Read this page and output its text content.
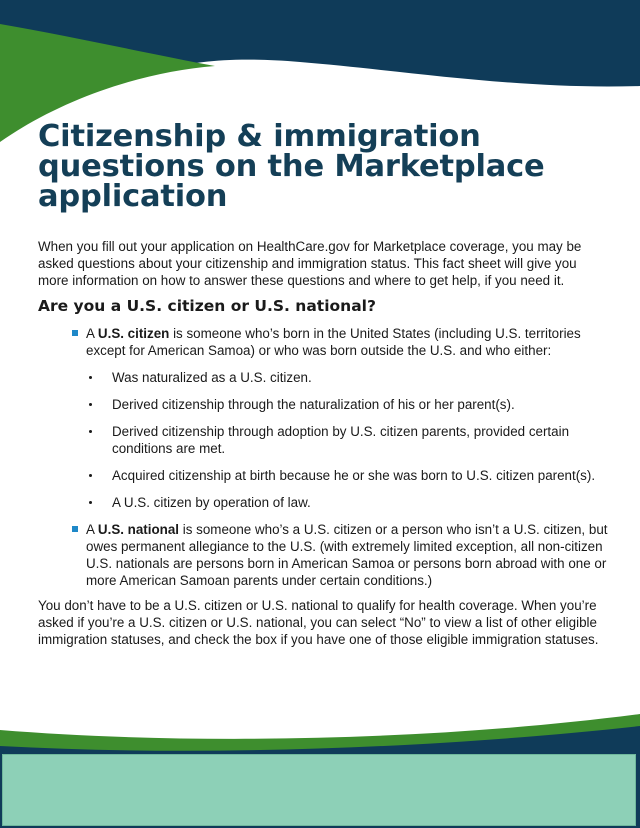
Citizenship & immigration questions on the Marketplace application

When you fill out your application on HealthCare.gov for Marketplace coverage, you may be asked questions about your citizenship and immigration status. This fact sheet will give you more information on how to answer these questions and where to get help, if you need it.

Are you a U.S. citizen or U.S. national?
A U.S. citizen is someone who’s born in the United States (including U.S. territories except for American Samoa) or who was born outside the U.S. and who either:
Was naturalized as a U.S. citizen.
Derived citizenship through the naturalization of his or her parent(s).
Derived citizenship through adoption by U.S. citizen parents, provided certain conditions are met.
Acquired citizenship at birth because he or she was born to U.S. citizen parent(s).
A U.S. citizen by operation of law.
A U.S. national is someone who’s a U.S. citizen or a person who isn’t a U.S. citizen, but owes permanent allegiance to the U.S. (with extremely limited exception, all non-citizen U.S. nationals are persons born in American Samoa or persons born abroad with one or more American Samoan parents under certain conditions.)

You don’t have to be a U.S. citizen or U.S. national to qualify for health coverage. When you’re asked if you’re a U.S. citizen or U.S. national, you can select “No” to view a list of other eligible immigration statuses, and check the box if you have one of those eligible immigration statuses.
